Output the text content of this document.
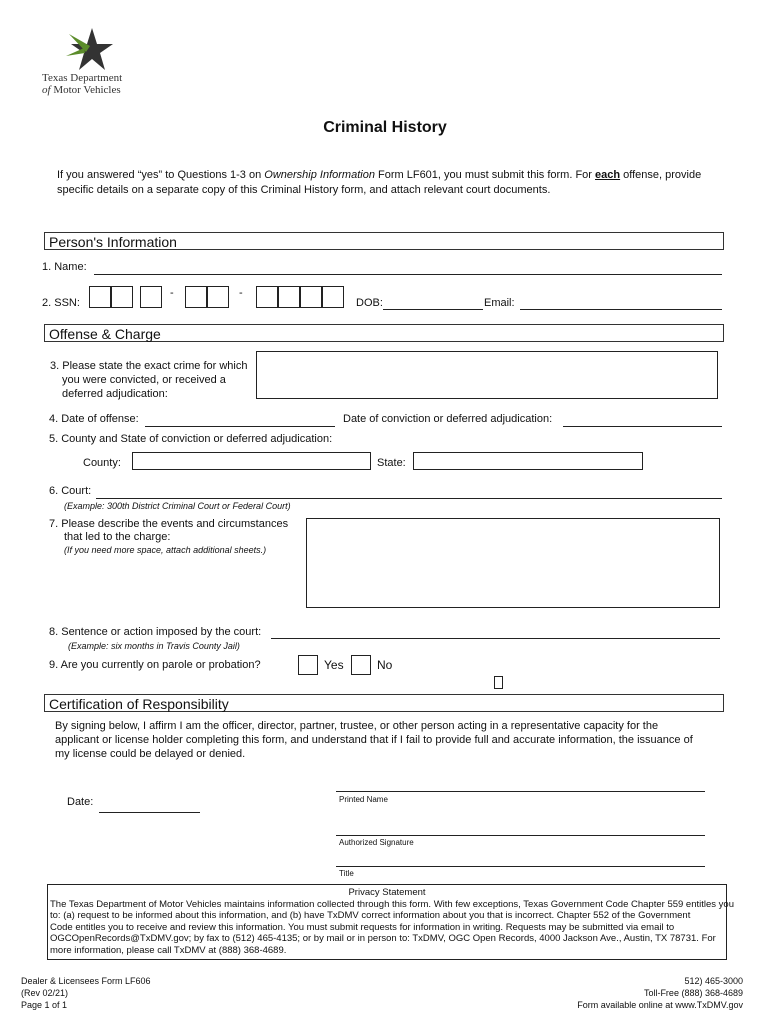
Texas Department
of Motor Vehicles
Criminal History
If you answered “yes” to Questions 1-3 on Ownership Information Form LF601, you must submit this form. For each offense, provide
specific details on a separate copy of this Criminal History form, and attach relevant court documents.
Person's Information
1. Name:
2. SSN:
-	-
DOB:	Email:
Offense & Charge
3. Please state the exact crime for which
you were convicted, or received a
deferred adjudication:
4. Date of offense:	Date of conviction or deferred adjudication:
5. County and State of conviction or deferred adjudication:
County:	State:
6. Court:
(Example: 300th District Criminal Court or Federal Court)
7. Please describe the events and circumstances
that led to the charge:
(If you need more space, attach additional sheets.)
8. Sentence or action imposed by the court:
(Example: six months in Travis County Jail)
9. Are you currently on parole or probation?	Yes	No
Certification of Responsibility
By signing below, I affirm I am the officer, director, partner, trustee, or other person acting in a representative capacity for the
applicant or license holder completing this form, and understand that if I fail to provide full and accurate information, the issuance of
my license could be delayed or denied.
Date:	Printed Name
Authorized Signature
Title
Privacy Statement
The Texas Department of Motor Vehicles maintains information collected through this form. With few exceptions, Texas Government Code Chapter 559 entitles you
to: (a) request to be informed about this information, and (b) have TxDMV correct information about you that is incorrect. Chapter 552 of the Government
Code entitles you to receive and review this information. You must submit requests for information in writing. Requests may be submitted via email to
OGCOpenRecords@TxDMV.gov; by fax to (512) 465-4135; or by mail or in person to: TxDMV, OGC Open Records, 4000 Jackson Ave., Austin, TX 78731. For
more information, please call TxDMV at (888) 368-4689.
Dealer & Licensees Form LF606
(Rev 02/21)
Page 1 of 1
512) 465-3000
Toll-Free (888) 368-4689
Form available online at www.TxDMV.gov
